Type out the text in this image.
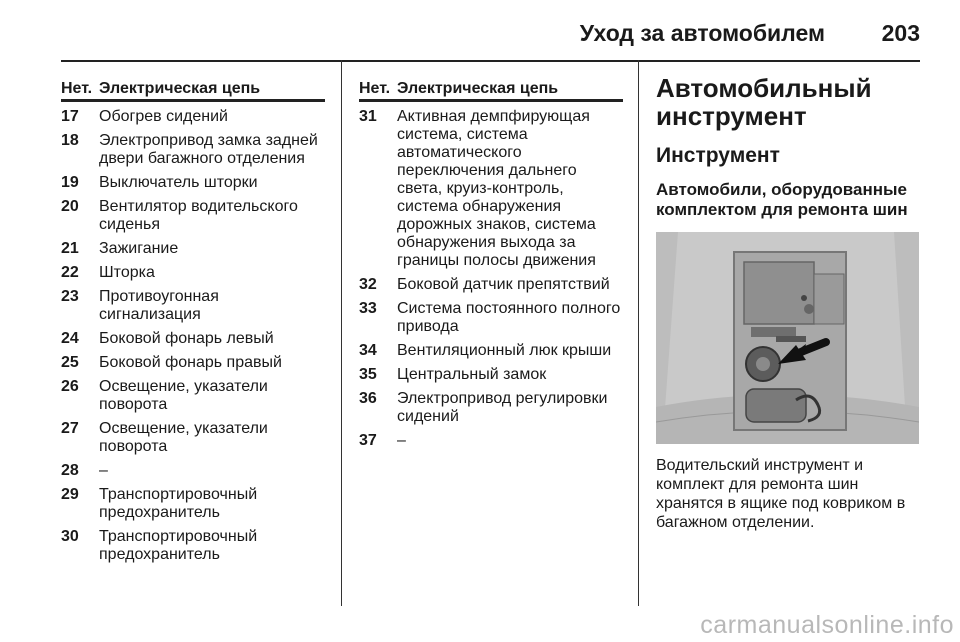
Уход за автомобилем 203
Нет. Электрическая цепь
17	Обогрев сидений
18	Электропривод замка задней двери багажного отделения
19	Выключатель шторки
20	Вентилятор водительского сиденья
21	Зажигание
22	Шторка
23	Противоугонная сигнализация
24	Боковой фонарь левый
25	Боковой фонарь правый
26	Освещение, указатели поворота
27	Освещение, указатели поворота
28	–
29	Транспортировочный предохранитель
30	Транспортировочный предохранитель
Нет. Электрическая цепь
31	Активная демпфирующая система, система автоматического переключения дальнего света, круиз-контроль, система обнаружения дорожных знаков, система обнаружения выхода за границы полосы движения
32	Боковой датчик препятствий
33	Система постоянного полного привода
34	Вентиляционный люк крыши
35	Центральный замок
36	Электропривод регулировки сидений
37	–
Автомобильный инструмент
Инструмент
Автомобили, оборудованные комплектом для ремонта шин
Водительский инструмент и комплект для ремонта шин хранятся в ящике под ковриком в багажном отделении.
carmanualsonline.info
